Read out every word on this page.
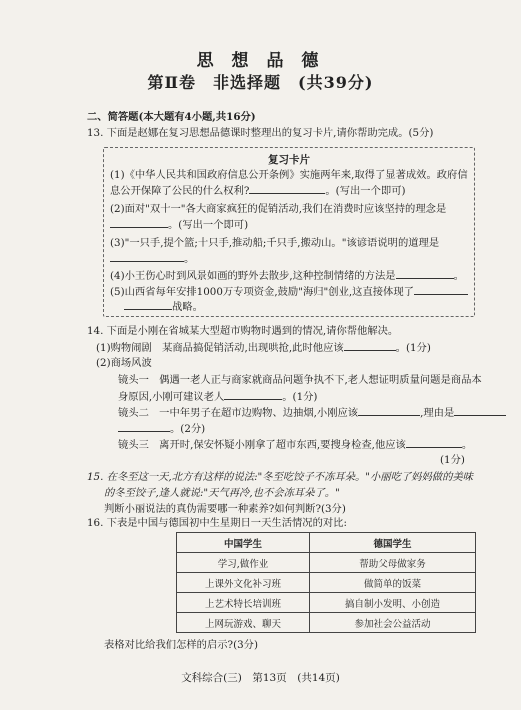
思 想 品 德
第Ⅱ卷　非选择题　(共39分)
二、简答题(本大题有4小题,共16分)
13. 下面是赵娜在复习思想品德课时整理出的复习卡片,请你帮助完成。(5分)
复习卡片
(1)《中华人民共和国政府信息公开条例》实施两年来,取得了显著成效。政府信
息公开保障了公民的什么权利?	。(写出一个即可)
(2)面对"双十一"各大商家疯狂的促销活动,我们在消费时应该坚持的理念是
。(写出一个即可)
(3)"一只手,提个篮;十只手,推动船;千只手,搬动山。"该谚语说明的道理是
。
(4)小王伤心时到风景如画的野外去散步,这种控制情绪的方法是	。
(5)山西省每年安排1000万专项资金,鼓励"海归"创业,这直接体现了
战略。
14. 下面是小刚在省城某大型超市购物时遇到的情况,请你帮他解决。
(1)购物闹剧　某商品搞促销活动,出现哄抢,此时他应该	。(1分)
(2)商场风波
镜头一　偶遇一老人正与商家就商品问题争执不下,老人想证明质量问题是商品本
身原因,小刚可建议老人	。(1分)
镜头二　一中年男子在超市边购物、边抽烟,小刚应该	,理由是
。(2分)
镜头三　离开时,保安怀疑小刚拿了超市东西,要搜身检查,他应该	。
(1分)
15. 在冬至这一天,北方有这样的说法:"冬至吃饺子不冻耳朵。"小丽吃了妈妈做的美味
的冬至饺子,逢人就说:"天气再冷,也不会冻耳朵了。"
判断小丽说法的真伪需要哪一种素养?如何判断?(3分)
16. 下表是中国与德国初中生星期日一天生活情况的对比:
中国学生	德国学生
学习,做作业	帮助父母做家务
上课外文化补习班	做简单的饭菜
上艺术特长培训班	搞自制小发明、小创造
上网玩游戏、聊天	参加社会公益活动
表格对比给我们怎样的启示?(3分)
文科综合(三)　第13页　(共14页)
